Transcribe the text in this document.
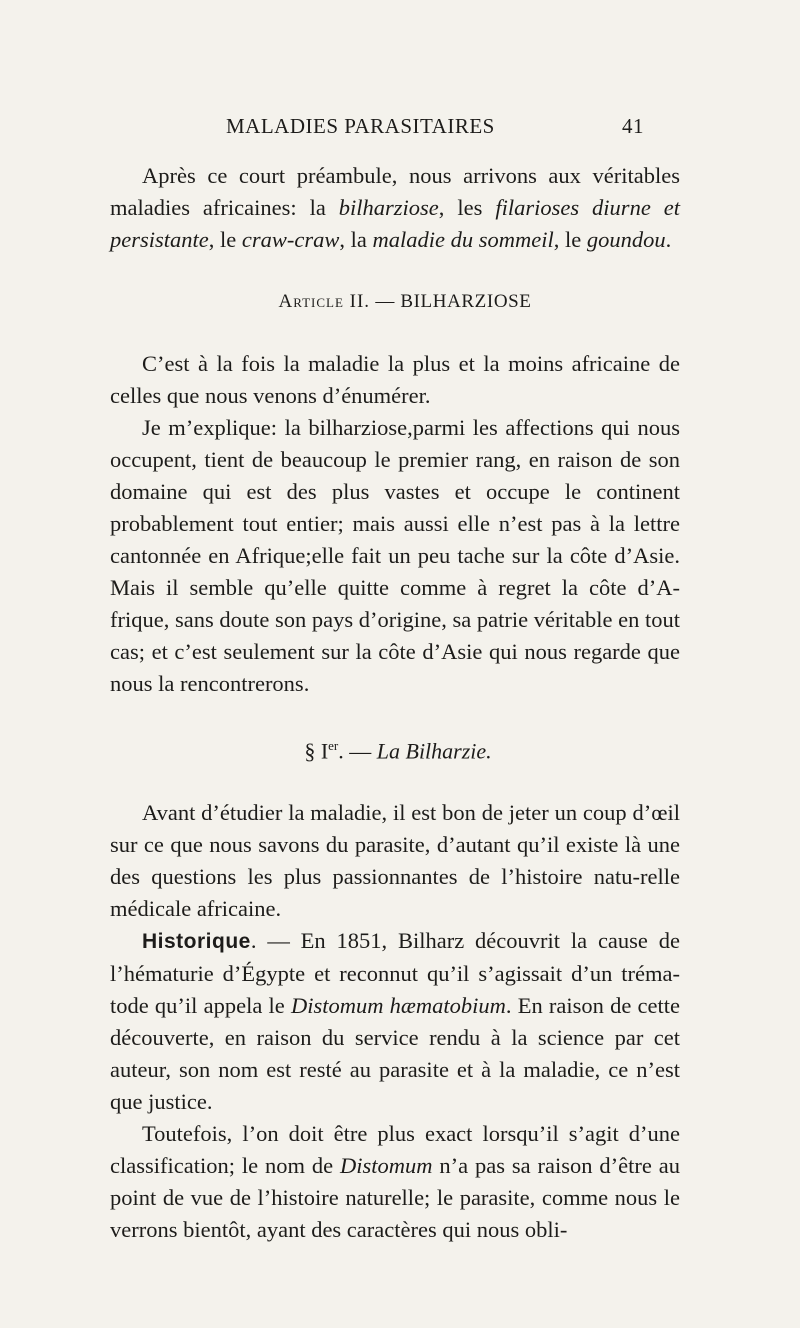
MALADIES PARASITAIRES	41

Après ce court préambule, nous arrivons aux véritables maladies africaines: la bilharziose, les filarioses diurne et persistante, le craw-craw, la maladie du sommeil, le goundou.

Article II. — BILHARZIOSE

C’est à la fois la maladie la plus et la moins africaine de celles que nous venons d’énumérer.

Je m’explique: la bilharziose,parmi les affections qui nous occupent, tient de beaucoup le premier rang, en raison de son domaine qui est des plus vastes et occupe le continent probablement tout entier; mais aussi elle n’est pas à la lettre cantonnée en Afrique;elle fait un peu tache sur la côte d’Asie. Mais il semble qu’elle quitte comme à regret la côte d’A-frique, sans doute son pays d’origine, sa patrie véritable en tout cas; et c’est seulement sur la côte d’Asie qui nous regarde que nous la rencontrerons.

§ Ier. — La Bilharzie.

Avant d’étudier la maladie, il est bon de jeter un coup d’œil sur ce que nous savons du parasite, d’autant qu’il existe là une des questions les plus passionnantes de l’histoire natu-relle médicale africaine.

Historique. — En 1851, Bilharz découvrit la cause de l’hématurie d’Égypte et reconnut qu’il s’agissait d’un tréma-tode qu’il appela le Distomum hæmatobium. En raison de cette découverte, en raison du service rendu à la science par cet auteur, son nom est resté au parasite et à la maladie, ce n’est que justice.

Toutefois, l’on doit être plus exact lorsqu’il s’agit d’une classification; le nom de Distomum n’a pas sa raison d’être au point de vue de l’histoire naturelle; le parasite, comme nous le verrons bientôt, ayant des caractères qui nous obli-
